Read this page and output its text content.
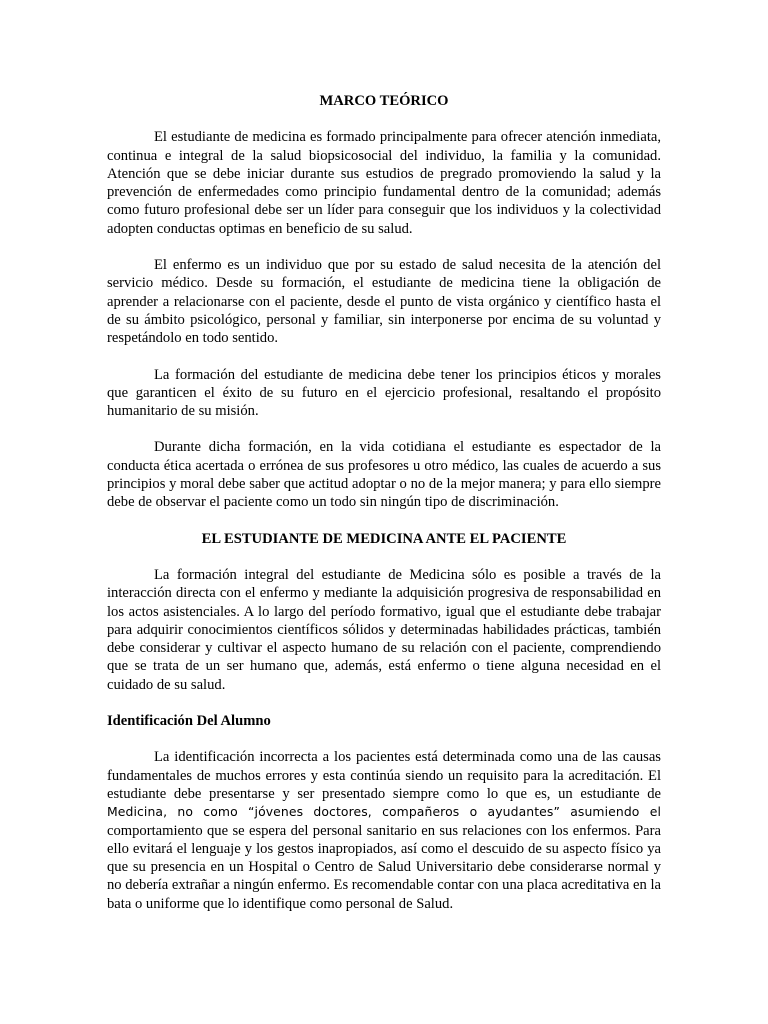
MARCO TEÓRICO

El estudiante de medicina es formado principalmente para ofrecer atención inmediata, continua e integral de la salud biopsicosocial del individuo, la familia y la comunidad. Atención que se debe iniciar durante sus estudios de pregrado promoviendo la salud y la prevención de enfermedades como principio fundamental dentro de la comunidad; además como futuro profesional debe ser un líder para conseguir que los individuos y la colectividad adopten conductas optimas en beneficio de su salud.

El enfermo es un individuo que por su estado de salud necesita de la atención del servicio médico. Desde su formación, el estudiante de medicina tiene la obligación de aprender a relacionarse con el paciente, desde el punto de vista orgánico y científico hasta el de su ámbito psicológico, personal y familiar, sin interponerse por encima de su voluntad y respetándolo en todo sentido.

La formación del estudiante de medicina debe tener los principios éticos y morales que garanticen el éxito de su futuro en el ejercicio profesional, resaltando el propósito humanitario de su misión.

Durante dicha formación, en la vida cotidiana el estudiante es espectador de la conducta ética acertada o errónea de sus profesores u otro médico, las cuales de acuerdo a sus principios y moral debe saber que actitud adoptar o no de la mejor manera; y para ello siempre debe de observar el paciente como un todo sin ningún tipo de discriminación.

EL ESTUDIANTE DE MEDICINA ANTE EL PACIENTE

La formación integral del estudiante de Medicina sólo es posible a través de la interacción directa con el enfermo y mediante la adquisición progresiva de responsabilidad en los actos asistenciales. A lo largo del período formativo, igual que el estudiante debe trabajar para adquirir conocimientos científicos sólidos y determinadas habilidades prácticas, también debe considerar y cultivar el aspecto humano de su relación con el paciente, comprendiendo que se trata de un ser humano que, además, está enfermo o tiene alguna necesidad en el cuidado de su salud.

Identificación Del Alumno

La identificación incorrecta a los pacientes está determinada como una de las causas fundamentales de muchos errores y esta continúa siendo un requisito para la acreditación. El estudiante debe presentarse y ser presentado siempre como lo que es, un estudiante de Medicina, no como “jóvenes doctores, compañeros o ayudantes” asumiendo el comportamiento que se espera del personal sanitario en sus relaciones con los enfermos. Para ello evitará el lenguaje y los gestos inapropiados, así como el descuido de su aspecto físico ya que su presencia en un Hospital o Centro de Salud Universitario debe considerarse normal y no debería extrañar a ningún enfermo. Es recomendable contar con una placa acreditativa en la bata o uniforme que lo identifique como personal de Salud.
